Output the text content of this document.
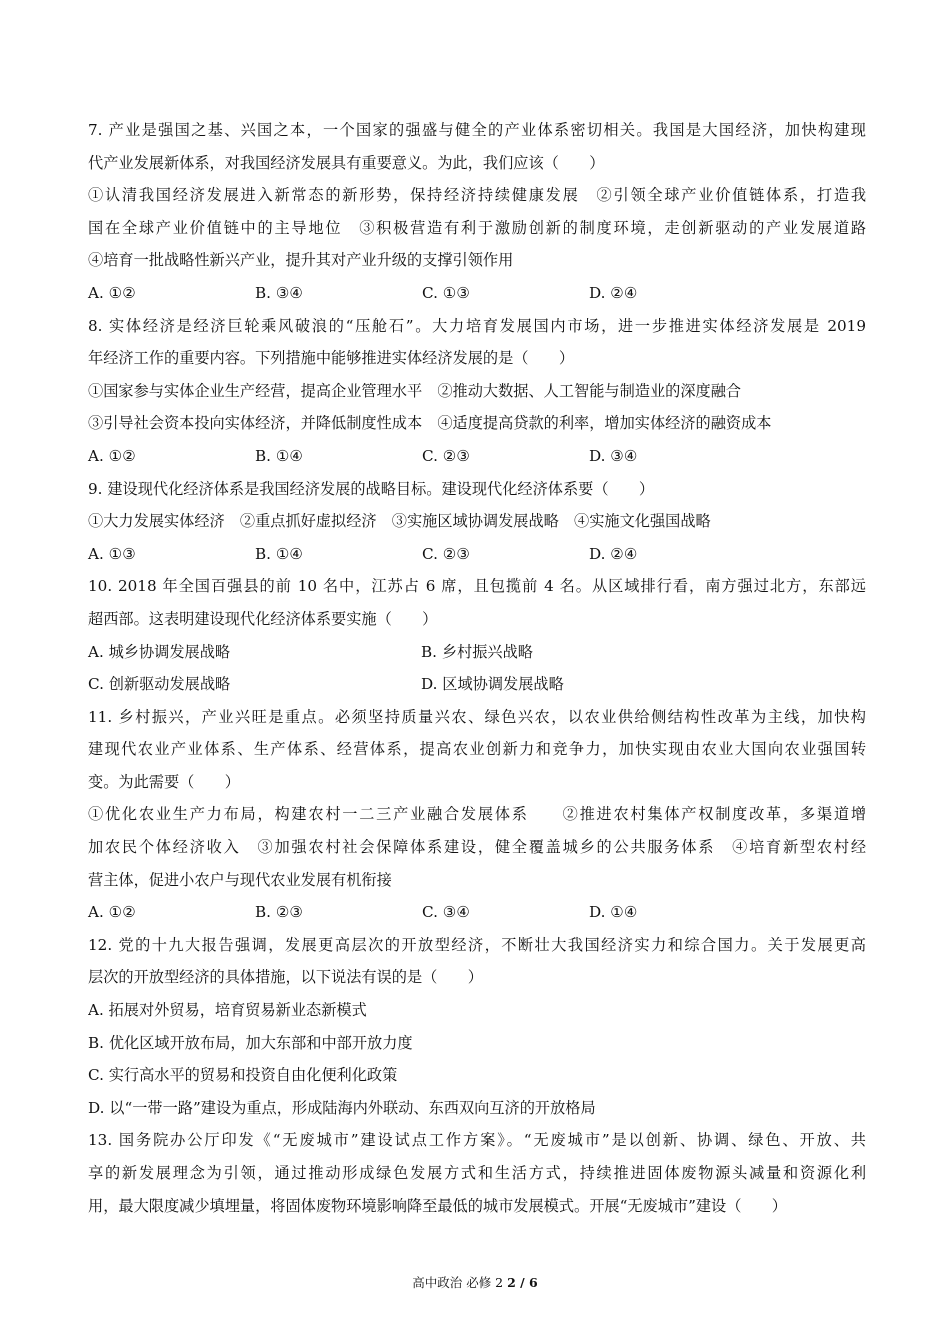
7. 产业是强国之基、兴国之本，一个国家的强盛与健全的产业体系密切相关。我国是大国经济，加快构建现
代产业发展新体系，对我国经济发展具有重要意义。为此，我们应该（　　）
①认清我国经济发展进入新常态的新形势，保持经济持续健康发展　②引领全球产业价值链体系，打造我
国在全球产业价值链中的主导地位　③积极营造有利于激励创新的制度环境，走创新驱动的产业发展道路
④培育一批战略性新兴产业，提升其对产业升级的支撑引领作用
A. ①②	B. ③④	C. ①③	D. ②④
8. 实体经济是经济巨轮乘风破浪的“压舱石”。大力培育发展国内市场，进一步推进实体经济发展是 2019
年经济工作的重要内容。下列措施中能够推进实体经济发展的是（　　）
①国家参与实体企业生产经营，提高企业管理水平　②推动大数据、人工智能与制造业的深度融合
③引导社会资本投向实体经济，并降低制度性成本　④适度提高贷款的利率，增加实体经济的融资成本
A. ①②	B. ①④	C. ②③	D. ③④
9. 建设现代化经济体系是我国经济发展的战略目标。建设现代化经济体系要（　　）
①大力发展实体经济　②重点抓好虚拟经济　③实施区域协调发展战略　④实施文化强国战略
A. ①③	B. ①④	C. ②③	D. ②④
10. 2018 年全国百强县的前 10 名中，江苏占 6 席，且包揽前 4 名。从区域排行看，南方强过北方，东部远
超西部。这表明建设现代化经济体系要实施（　　）
A. 城乡协调发展战略	B. 乡村振兴战略
C. 创新驱动发展战略	D. 区域协调发展战略
11. 乡村振兴，产业兴旺是重点。必须坚持质量兴农、绿色兴农，以农业供给侧结构性改革为主线，加快构
建现代农业产业体系、生产体系、经营体系，提高农业创新力和竞争力，加快实现由农业大国向农业强国转
变。为此需要（　　）
①优化农业生产力布局，构建农村一二三产业融合发展体系　　②推进农村集体产权制度改革，多渠道增
加农民个体经济收入　③加强农村社会保障体系建设，健全覆盖城乡的公共服务体系　④培育新型农村经
营主体，促进小农户与现代农业发展有机衔接
A. ①②	B. ②③	C. ③④	D. ①④
12. 党的十九大报告强调，发展更高层次的开放型经济，不断壮大我国经济实力和综合国力。关于发展更高
层次的开放型经济的具体措施，以下说法有误的是（　　）
A. 拓展对外贸易，培育贸易新业态新模式
B. 优化区域开放布局，加大东部和中部开放力度
C. 实行高水平的贸易和投资自由化便利化政策
D. 以“一带一路”建设为重点，形成陆海内外联动、东西双向互济的开放格局
13. 国务院办公厅印发《“无废城市”建设试点工作方案》。“无废城市”是以创新、协调、绿色、开放、共
享的新发展理念为引领，通过推动形成绿色发展方式和生活方式，持续推进固体废物源头减量和资源化利
用，最大限度减少填埋量，将固体废物环境影响降至最低的城市发展模式。开展“无废城市”建设（　　）
高中政治 必修 2 2 / 6
